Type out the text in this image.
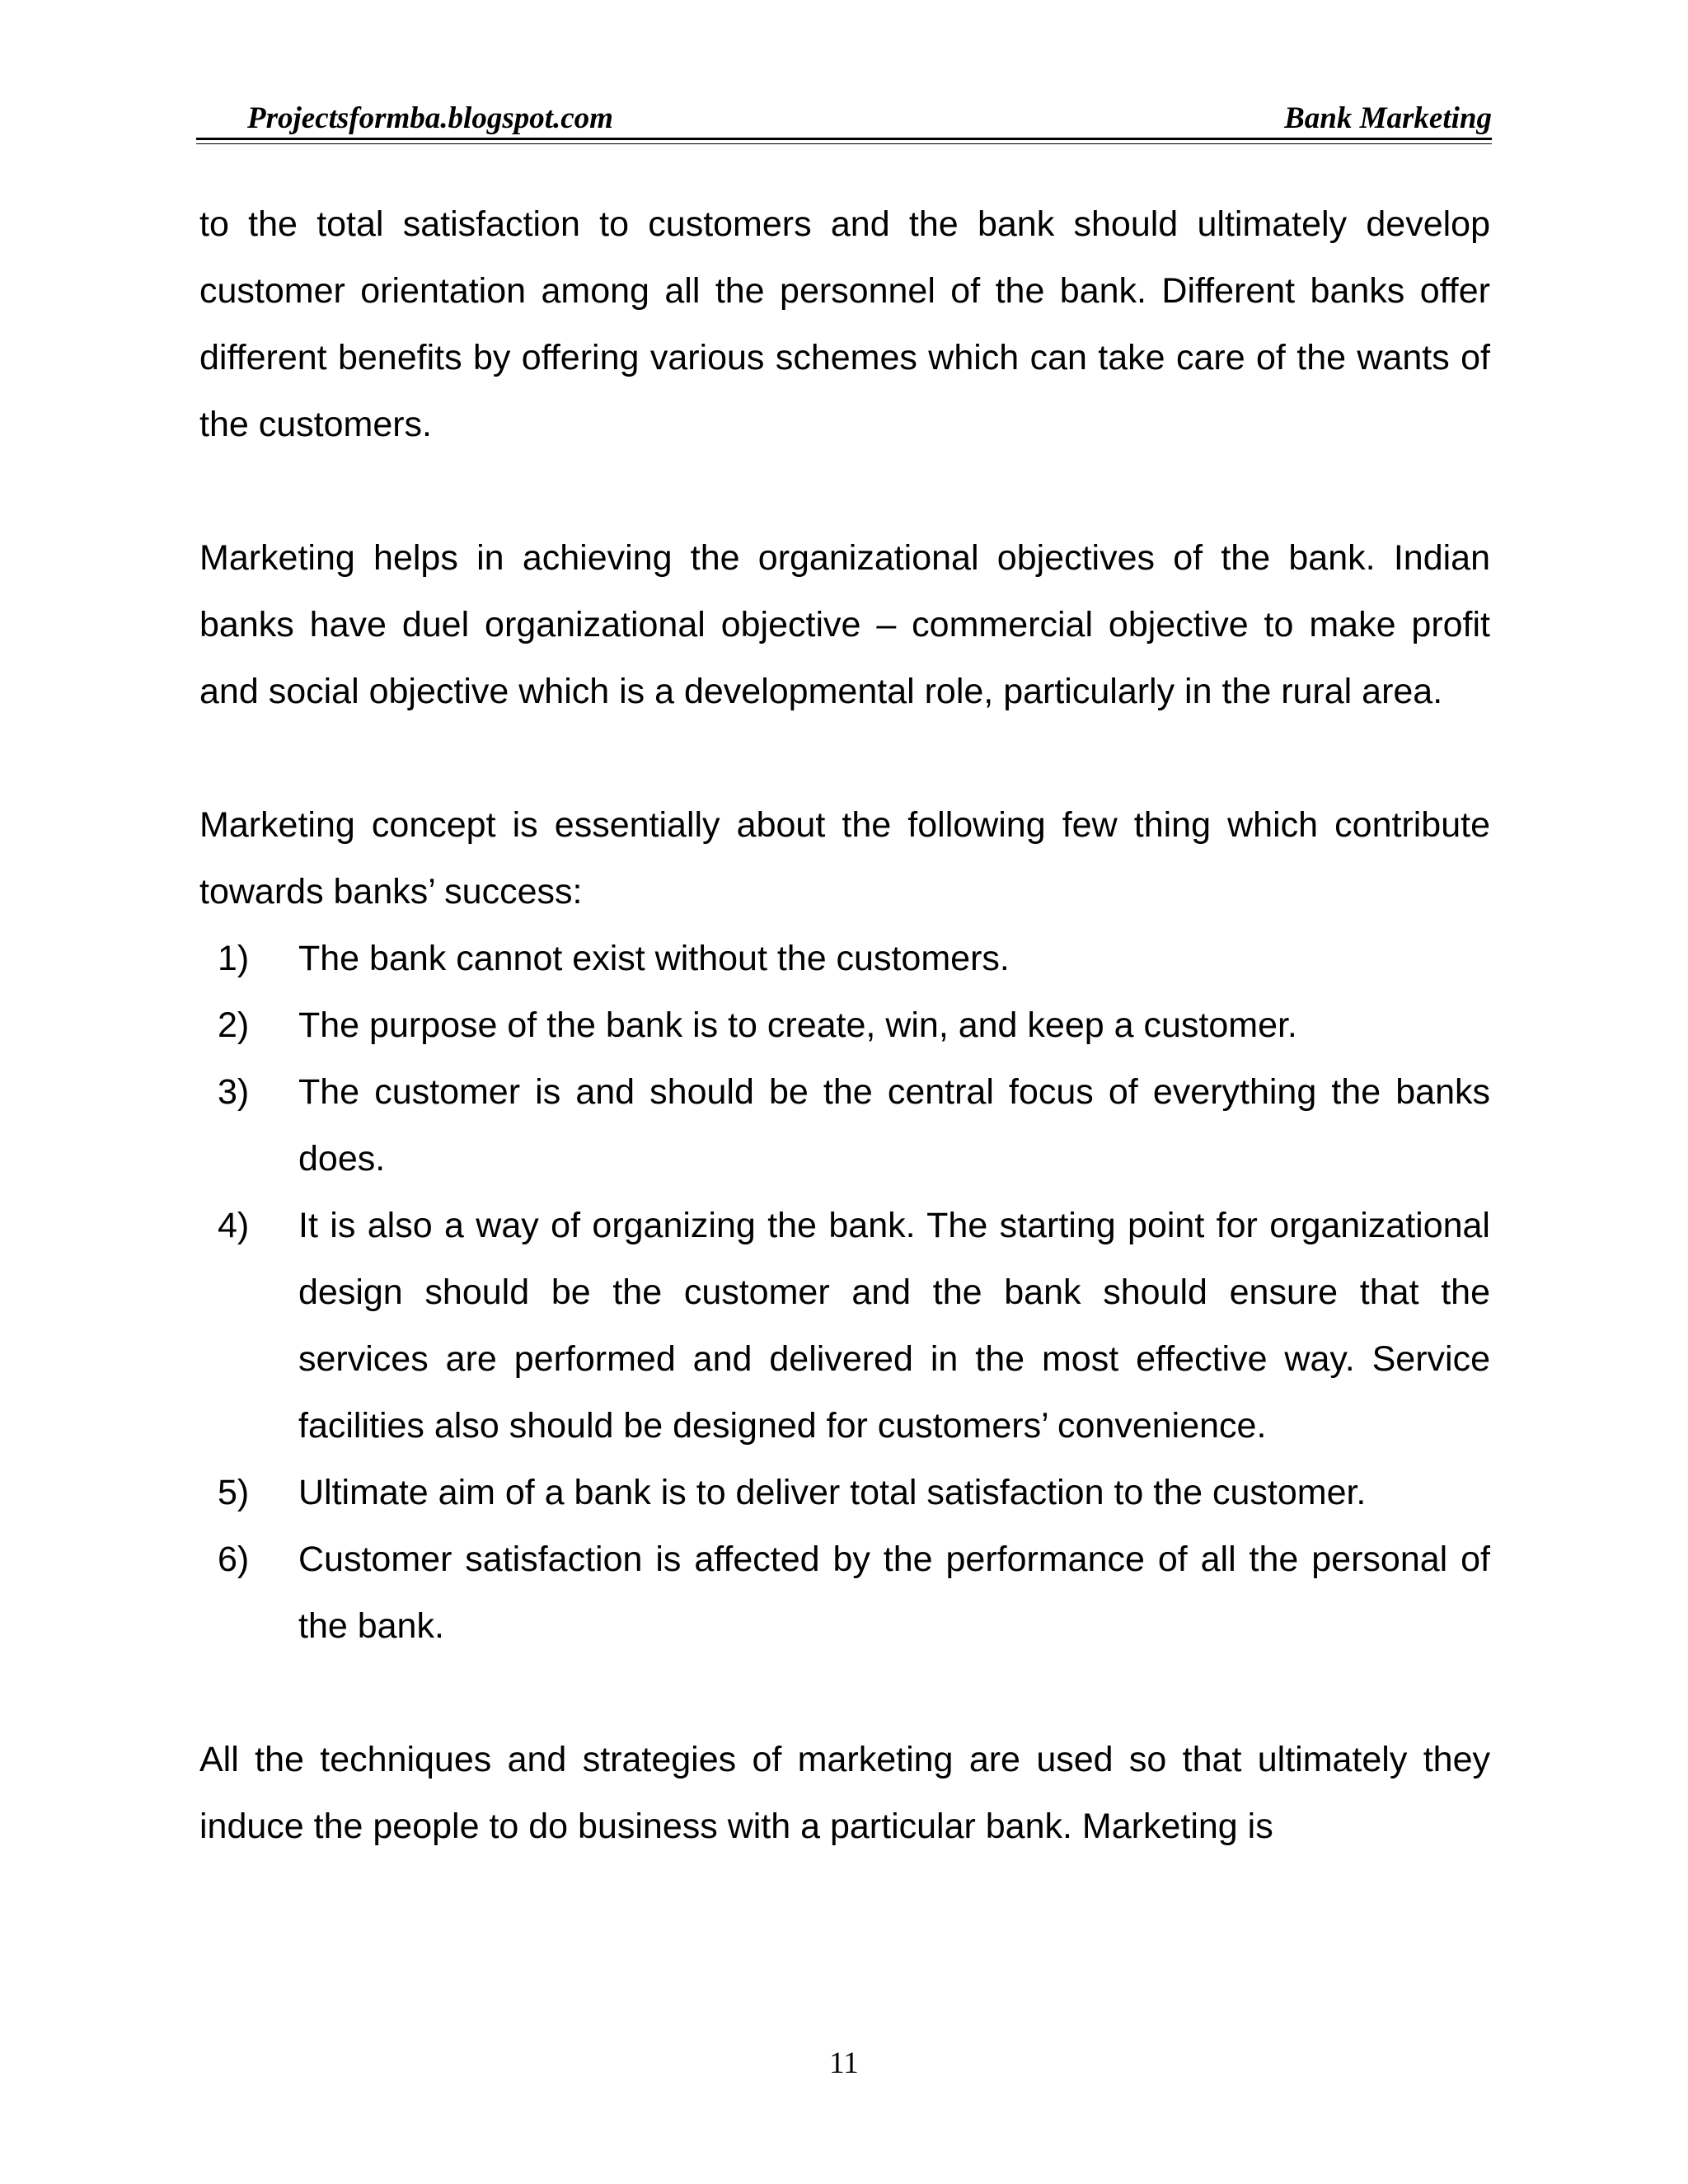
Projectsformba.blogspot.com	Bank Marketing

to the total satisfaction to customers and the bank should ultimately develop customer orientation among all the personnel of the bank. Different banks offer different benefits by offering various schemes which can take care of the wants of the customers.

Marketing helps in achieving the organizational objectives of the bank. Indian banks have duel organizational objective – commercial objective to make profit and social objective which is a developmental role, particularly in the rural area.

Marketing concept is essentially about the following few thing which contribute towards banks’ success:

1) The bank cannot exist without the customers.
2) The purpose of the bank is to create, win, and keep a customer.
3) The customer is and should be the central focus of everything the banks does.
4) It is also a way of organizing the bank. The starting point for organizational design should be the customer and the bank should ensure that the services are performed and delivered in the most effective way. Service facilities also should be designed for customers’ convenience.
5) Ultimate aim of a bank is to deliver total satisfaction to the customer.
6) Customer satisfaction is affected by the performance of all the personal of the bank.

All the techniques and strategies of marketing are used so that ultimately they induce the people to do business with a particular bank. Marketing is

11
